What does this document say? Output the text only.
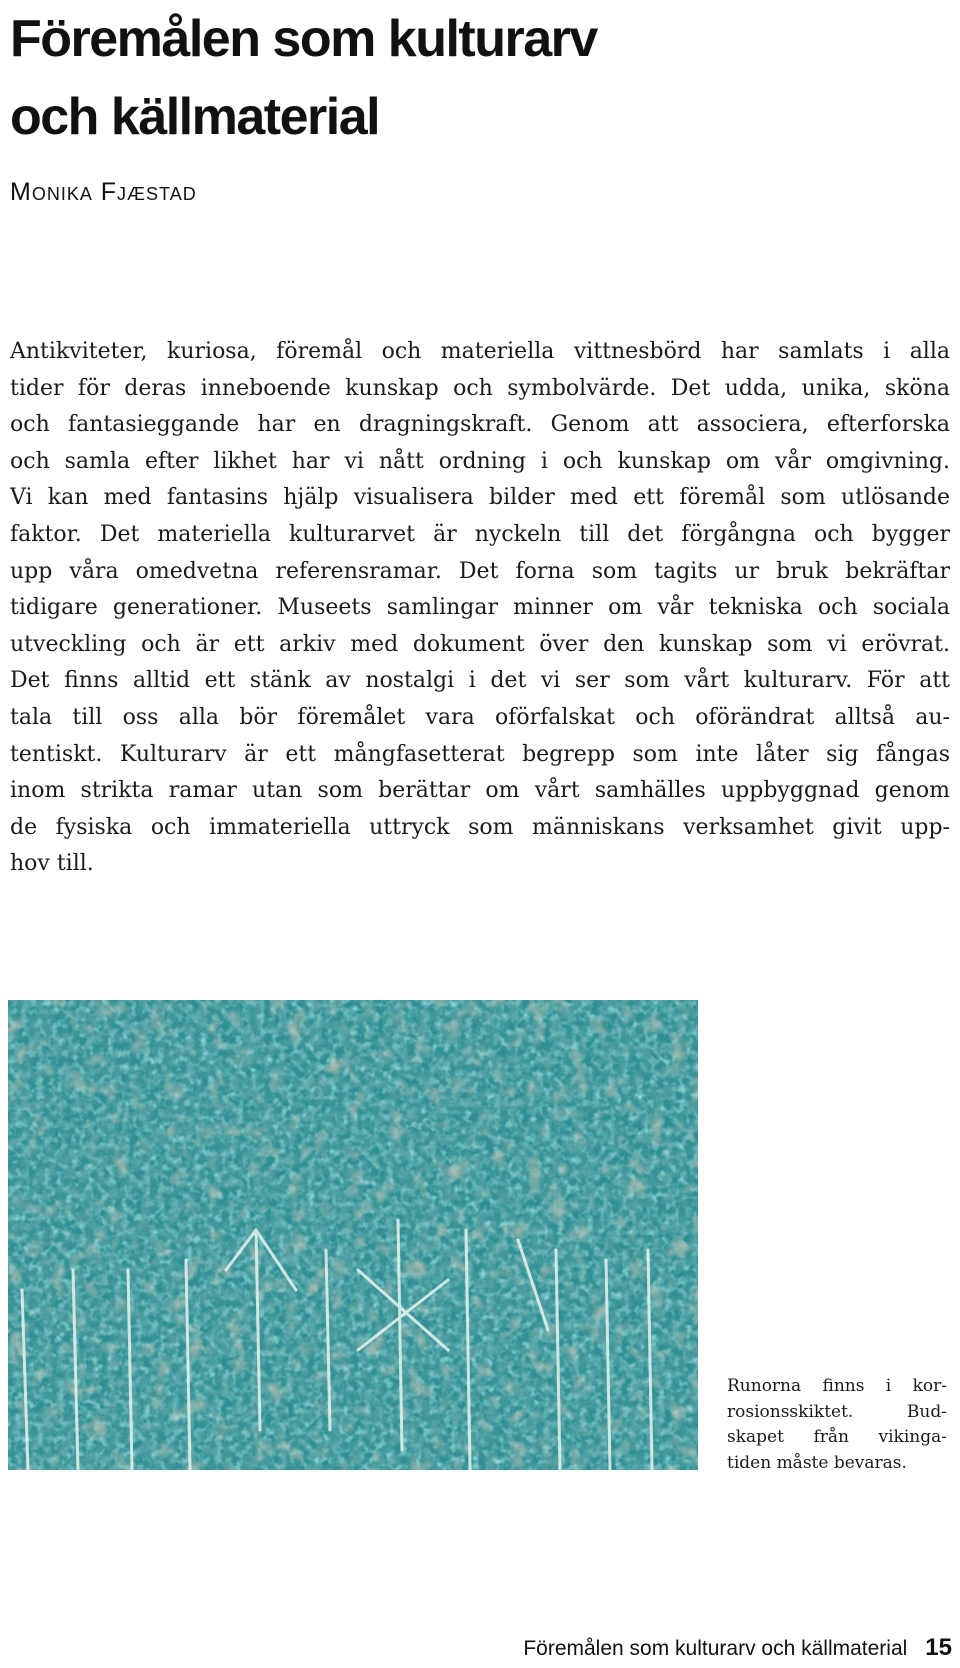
Föremålen som kulturarv
och källmaterial
Monika Fjæstad
Antikviteter, kuriosa, föremål och materiella vittnesbörd har samlats i alla
tider för deras inneboende kunskap och symbolvärde. Det udda, unika, sköna
och fantasieggande har en dragningskraft. Genom att associera, efterforska
och samla efter likhet har vi nått ordning i och kunskap om vår omgivning.
Vi kan med fantasins hjälp visualisera bilder med ett föremål som utlösande
faktor. Det materiella kulturarvet är nyckeln till det förgångna och bygger
upp våra omedvetna referensramar. Det forna som tagits ur bruk bekräftar
tidigare generationer. Museets samlingar minner om vår tekniska och sociala
utveckling och är ett arkiv med dokument över den kunskap som vi erövrat.
Det finns alltid ett stänk av nostalgi i det vi ser som vårt kulturarv. För att
tala till oss alla bör föremålet vara oförfalskat och oförändrat alltså au-
tentiskt. Kulturarv är ett mångfasetterat begrepp som inte låter sig fångas
inom strikta ramar utan som berättar om vårt samhälles uppbyggnad genom
de fysiska och immateriella uttryck som människans verksamhet givit upp-
hov till.
Runorna finns i kor-
rosionsskiktet. Bud-
skapet från vikinga-
tiden måste bevaras.
Föremålen som kulturarv och källmaterial 15
